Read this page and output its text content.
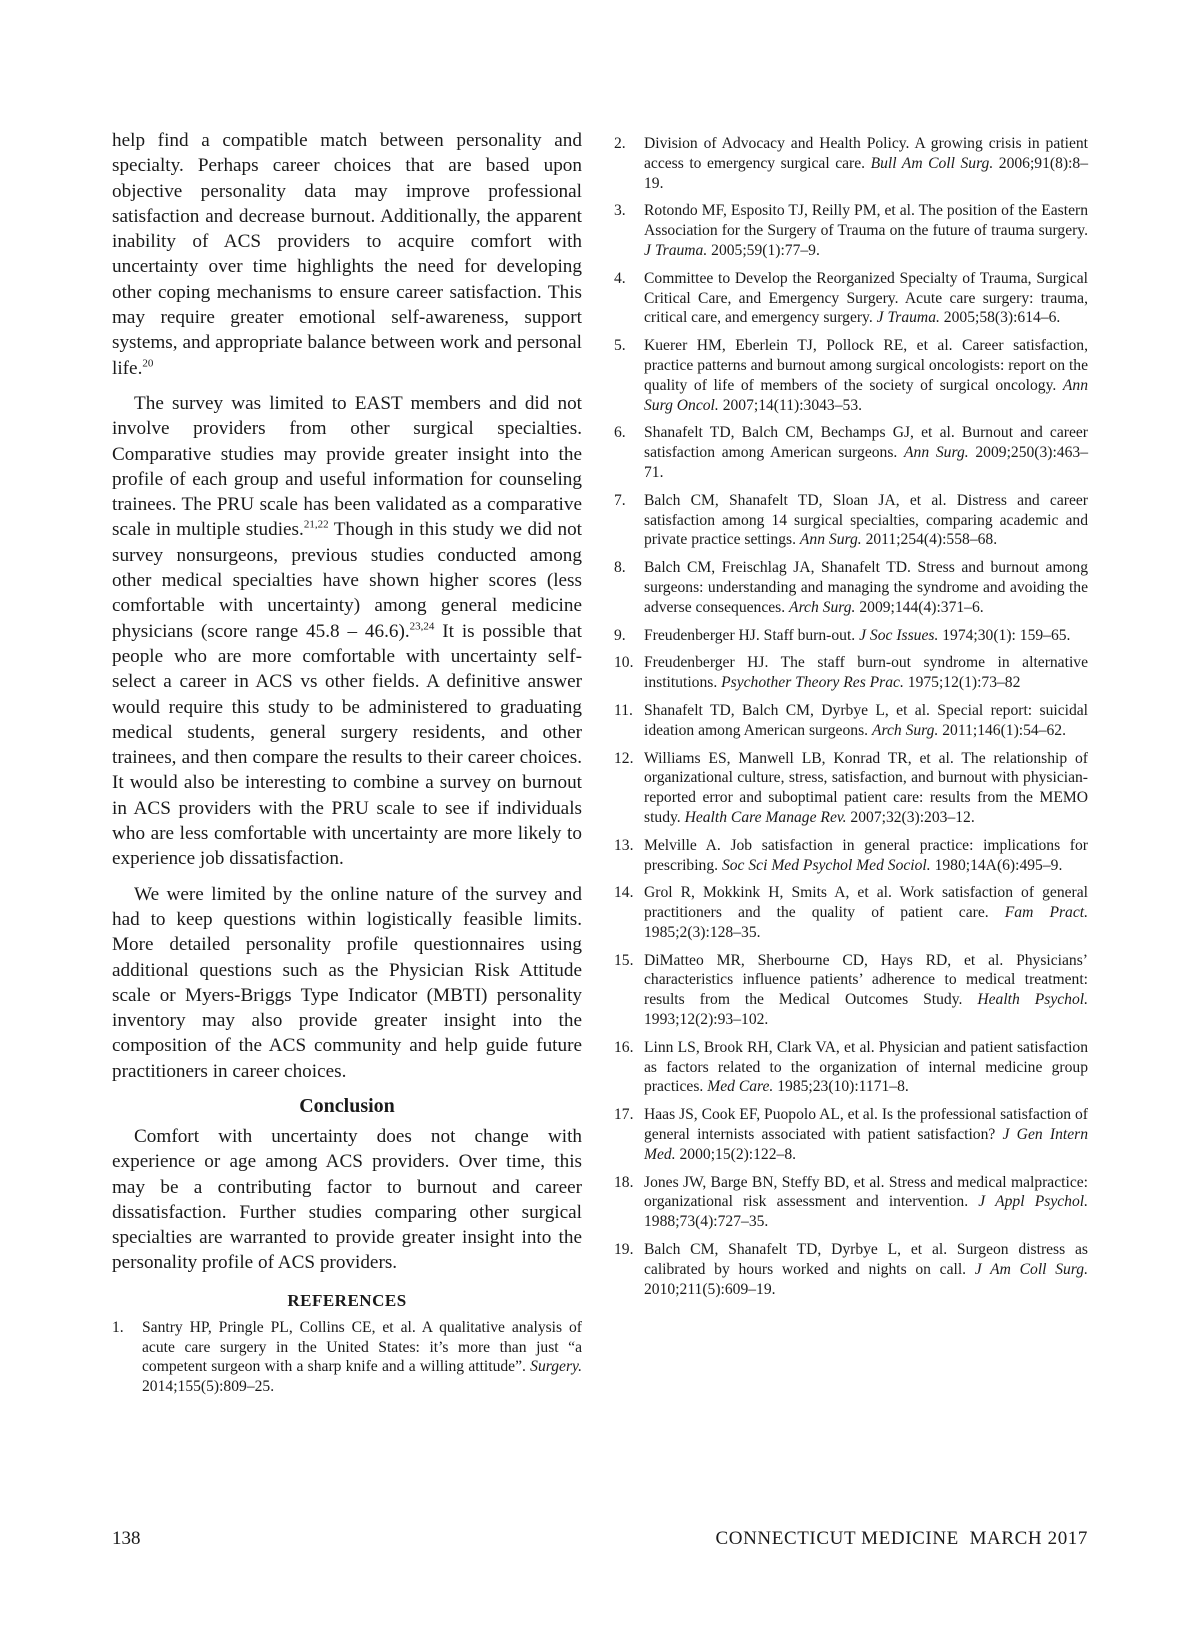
help find a compatible match between personality and specialty. Perhaps career choices that are based upon objective personality data may improve professional satisfaction and decrease burnout. Additionally, the apparent inability of ACS providers to acquire comfort with uncertainty over time highlights the need for developing other coping mechanisms to ensure career satisfaction. This may require greater emotional self-awareness, support systems, and appropriate balance between work and personal life.$^{20}$

The survey was limited to EAST members and did not involve providers from other surgical specialties. Comparative studies may provide greater insight into the profile of each group and useful information for counseling trainees. The PRU scale has been validated as a comparative scale in multiple studies.$^{21,22}$ Though in this study we did not survey nonsurgeons, previous studies conducted among other medical specialties have shown higher scores (less comfortable with uncertainty) among general medicine physicians (score range 45.8 – 46.6).$^{23,24}$ It is possible that people who are more comfortable with uncertainty self-select a career in ACS vs other fields. A definitive answer would require this study to be administered to graduating medical students, general surgery residents, and other trainees, and then compare the results to their career choices. It would also be interesting to combine a survey on burnout in ACS providers with the PRU scale to see if individuals who are less comfortable with uncertainty are more likely to experience job dissatisfaction.

We were limited by the online nature of the survey and had to keep questions within logistically feasible limits. More detailed personality profile questionnaires using additional questions such as the Physician Risk Attitude scale or Myers-Briggs Type Indicator (MBTI) personality inventory may also provide greater insight into the composition of the ACS community and help guide future practitioners in career choices.

Conclusion

Comfort with uncertainty does not change with experience or age among ACS providers. Over time, this may be a contributing factor to burnout and career dissatisfaction. Further studies comparing other surgical specialties are warranted to provide greater insight into the personality profile of ACS providers.

REFERENCES
1.	Santry HP, Pringle PL, Collins CE, et al. A qualitative analysis of acute care surgery in the United States: it’s more than just “a competent surgeon with a sharp knife and a willing attitude”. Surgery. 2014;155(5):809–25.
2.	Division of Advocacy and Health Policy. A growing crisis in patient access to emergency surgical care. Bull Am Coll Surg. 2006;91(8):8–19.
3.	Rotondo MF, Esposito TJ, Reilly PM, et al. The position of the Eastern Association for the Surgery of Trauma on the future of trauma surgery. J Trauma. 2005;59(1):77–9.
4.	Committee to Develop the Reorganized Specialty of Trauma, Surgical Critical Care, and Emergency Surgery. Acute care surgery: trauma, critical care, and emergency surgery. J Trauma. 2005;58(3):614–6.
5.	Kuerer HM, Eberlein TJ, Pollock RE, et al. Career satisfaction, practice patterns and burnout among surgical oncologists: report on the quality of life of members of the society of surgical oncology. Ann Surg Oncol. 2007;14(11):3043–53.
6.	Shanafelt TD, Balch CM, Bechamps GJ, et al. Burnout and career satisfaction among American surgeons. Ann Surg. 2009;250(3):463–71.
7.	Balch CM, Shanafelt TD, Sloan JA, et al. Distress and career satisfaction among 14 surgical specialties, comparing academic and private practice settings. Ann Surg. 2011;254(4):558–68.
8.	Balch CM, Freischlag JA, Shanafelt TD. Stress and burnout among surgeons: understanding and managing the syndrome and avoiding the adverse consequences. Arch Surg. 2009;144(4):371–6.
9.	Freudenberger HJ. Staff burn-out. J Soc Issues. 1974;30(1): 159–65.
10. Freudenberger HJ. The staff burn-out syndrome in alternative institutions. Psychother Theory Res Prac. 1975;12(1):73–82
11. Shanafelt TD, Balch CM, Dyrbye L, et al. Special report: suicidal ideation among American surgeons. Arch Surg. 2011;146(1):54–62.
12. Williams ES, Manwell LB, Konrad TR, et al. The relationship of organizational culture, stress, satisfaction, and burnout with physician-reported error and suboptimal patient care: results from the MEMO study. Health Care Manage Rev. 2007;32(3):203–12.
13. Melville A. Job satisfaction in general practice: implications for prescribing. Soc Sci Med Psychol Med Sociol. 1980;14A(6):495–9.
14. Grol R, Mokkink H, Smits A, et al. Work satisfaction of general practitioners and the quality of patient care. Fam Pract. 1985;2(3):128–35.
15. DiMatteo MR, Sherbourne CD, Hays RD, et al. Physicians’ characteristics influence patients’ adherence to medical treatment: results from the Medical Outcomes Study. Health Psychol. 1993;12(2):93–102.
16. Linn LS, Brook RH, Clark VA, et al. Physician and patient satisfaction as factors related to the organization of internal medicine group practices. Med Care. 1985;23(10):1171–8.
17. Haas JS, Cook EF, Puopolo AL, et al. Is the professional satisfaction of general internists associated with patient satisfaction? J Gen Intern Med. 2000;15(2):122–8.
18. Jones JW, Barge BN, Steffy BD, et al. Stress and medical malpractice: organizational risk assessment and intervention. J Appl Psychol. 1988;73(4):727–35.
19. Balch CM, Shanafelt TD, Dyrbye L, et al. Surgeon distress as calibrated by hours worked and nights on call. J Am Coll Surg. 2010;211(5):609–19.
138	CONNECTICUT MEDICINE MARCH 2017
